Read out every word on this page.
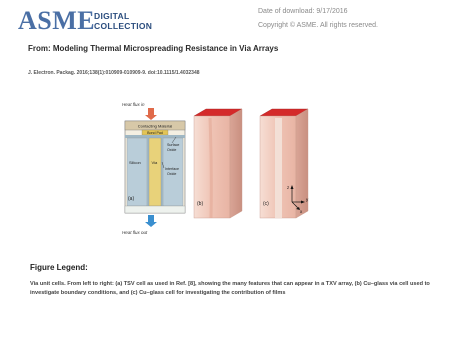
ASME
DIGITAL
COLLECTION
Date of download: 9/17/2016
Copyright © ASME. All rights reserved.
From: Modeling Thermal Microspreading Resistance in Via Arrays
J. Electron. Packag. 2016;138(1):010909-010909-9. doi:10.1115/1.4032348
Heat flux in
Contacting Material
Bond Pad
Silicon	Via
Surface
Oxide
Interface
Oxide
(a)
Heat flux out
(b)	(c)
z
y
x
Figure Legend:
Via unit cells. From left to right: (a) TSV cell as used in Ref. [8], showing the many features that can appear in a TXV array, (b) Cu–glass via cell used to investigate boundary conditions, and (c) Cu–glass cell for investigating the contribution of films
